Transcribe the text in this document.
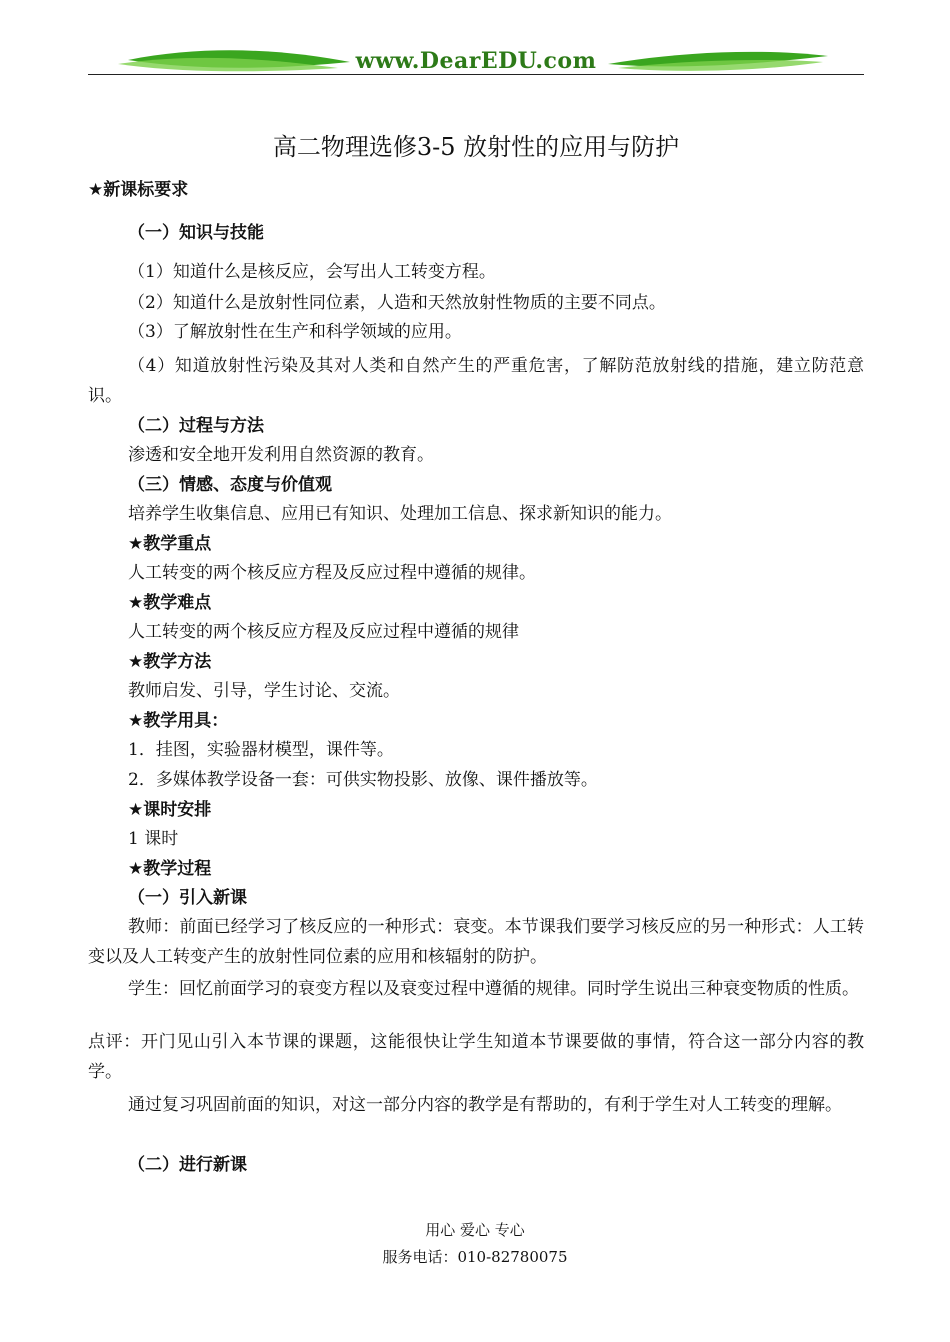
www.DearEDU.com
高二物理选修3-5 放射性的应用与防护
★新课标要求
（一）知识与技能
（1）知道什么是核反应，会写出人工转变方程。
（2）知道什么是放射性同位素，人造和天然放射性物质的主要不同点。
（3）了解放射性在生产和科学领域的应用。
（4）知道放射性污染及其对人类和自然产生的严重危害，了解防范放射线的措施，建立防范意识。
（二）过程与方法
渗透和安全地开发利用自然资源的教育。
（三）情感、态度与价值观
培养学生收集信息、应用已有知识、处理加工信息、探求新知识的能力。
★教学重点
人工转变的两个核反应方程及反应过程中遵循的规律。
★教学难点
人工转变的两个核反应方程及反应过程中遵循的规律
★教学方法
教师启发、引导，学生讨论、交流。
★教学用具：
1．挂图，实验器材模型，课件等。
2．多媒体教学设备一套：可供实物投影、放像、课件播放等。
★课时安排
1 课时
★教学过程
（一）引入新课
教师：前面已经学习了核反应的一种形式：衰变。本节课我们要学习核反应的另一种形式：人工转变以及人工转变产生的放射性同位素的应用和核辐射的防护。
学生：回忆前面学习的衰变方程以及衰变过程中遵循的规律。同时学生说出三种衰变物质的性质。
点评：开门见山引入本节课的课题，这能很快让学生知道本节课要做的事情，符合这一部分内容的教学。
通过复习巩固前面的知识，对这一部分内容的教学是有帮助的，有利于学生对人工转变的理解。
（二）进行新课
用心 爱心 专心
服务电话：010-82780075
